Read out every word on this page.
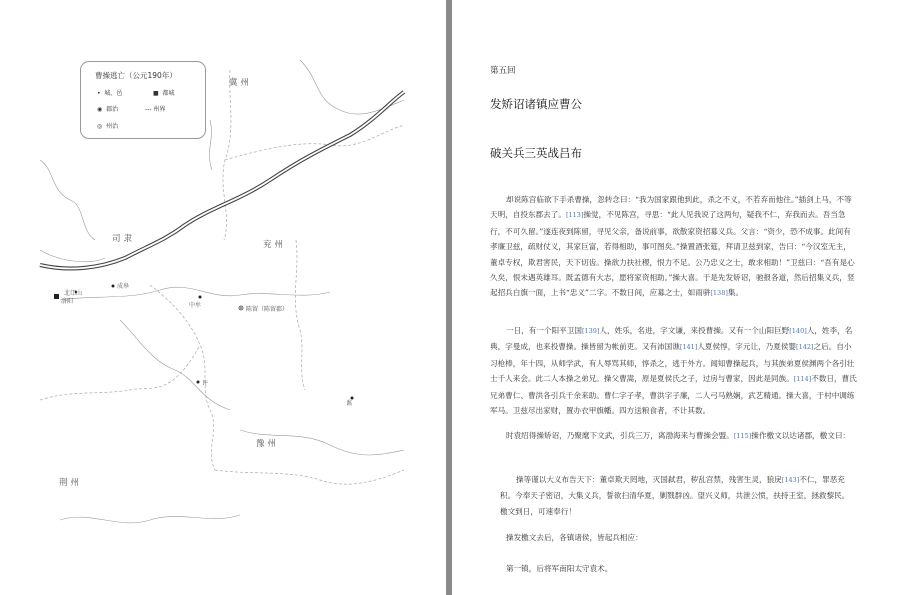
曹操逃亡（公元190年）
•  城、邑	■  都城
◉  郡治	--- 州界
◎  州治
冀州
司隶
兖州
豫州
荆州
成皋
北邙山
洛阳
中牟
陈留（陈留郡）
许
谯
第五回
发矫诏诸镇应曹公
破关兵三英战吕布

却说陈宫临欲下手杀曹操，忽转念曰：“我为国家跟他到此，杀之不义，不若弃而他往。”插剑上马，不等天明，自投东郡去了。[113]操觉，不见陈宫，寻思：“此人见我说了这两句，疑我不仁，弃我而去。吾当急行，不可久留。”遂连夜到陈留，寻见父亲，备说前事，欲散家资招募义兵。父言：“资少，恐不成事。此间有孝廉卫兹，疏财仗义，其家巨富，若得相助，事可图矣。”操置酒张筵，拜请卫兹到家，告曰：“今汉室无主，董卓专权，欺君害民，天下切齿。操欲力扶社稷，恨力不足。公乃忠义之士，敢求相助！”卫兹曰：“吾有是心久矣，恨未遇英雄耳。既孟德有大志，愿将家资相助。”操大喜。于是先发矫诏，驰报各道，然后招集义兵，竖起招兵白旗一面，上书“忠义”二字。不数日间，应募之士，如雨骈[138]集。

一日，有一个阳平卫国[139]人，姓乐，名进，字文谦，来投曹操。又有一个山阳巨野[140]人，姓李，名典，字曼成，也来投曹操。操皆留为帐前吏。又有沛国谯[141]人夏侯惇，字元让，乃夏侯婴[142]之后。自小习枪棒，年十四，从师学武，有人辱骂其师，惇杀之，逃于外方。闻知曹操起兵，与其族弟夏侯渊两个各引壮士千人来会。此二人本操之弟兄。操父曹嵩，原是夏侯氏之子，过房与曹家，因此是同族。[114]不数日，曹氏兄弟曹仁、曹洪各引兵千余来助。曹仁字子孝，曹洪字子廉，二人弓马熟娴，武艺精通。操大喜，于村中调练军马。卫兹尽出家财，置办衣甲旗幡。四方送粮食者，不计其数。

时袁绍得操矫诏，乃聚麾下文武，引兵三万，离渤海来与曹操会盟。[115]操作檄文以达诸郡，檄文曰：

操等谨以大义布告天下：董卓欺天罔地，灭国弑君，秽乱宫禁，残害生灵，狼戾[143]不仁，罪恶充积。今奉天子密诏，大集义兵，誓欲扫清华夏，剿戮群凶。望兴义师，共泄公愤，扶持王室，拯救黎民。檄文到日，可速奉行！

操发檄文去后，各镇诸侯，皆起兵相应：

第一镇，后将军南阳太守袁术。
